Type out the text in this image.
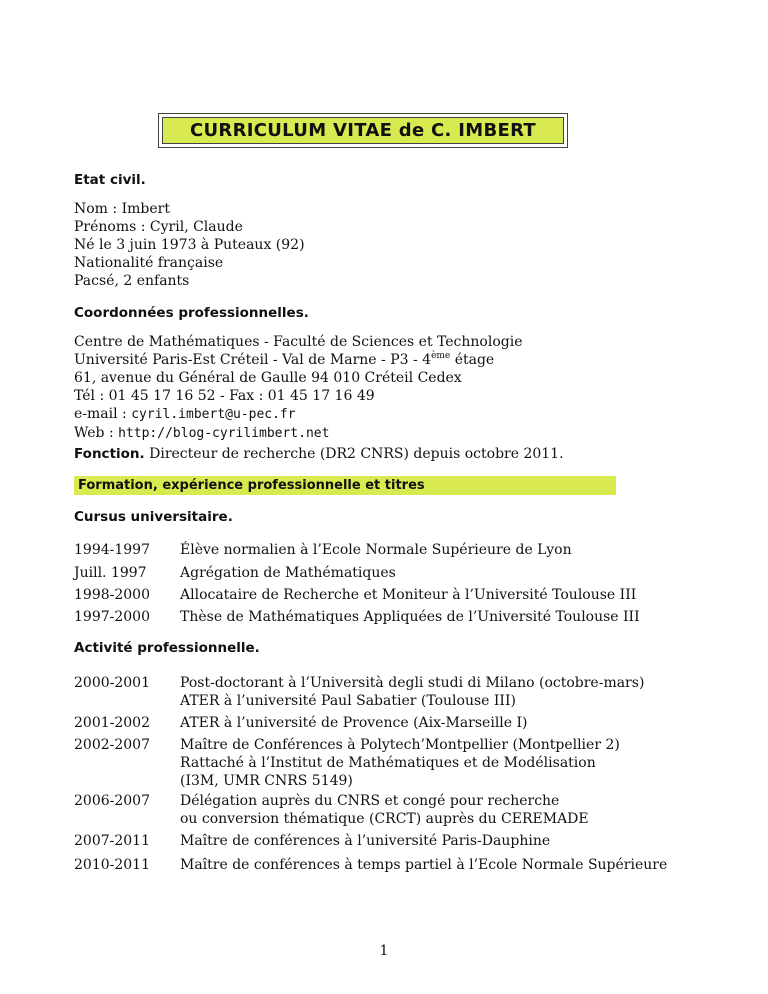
CURRICULUM VITAE de C. IMBERT
Etat civil.
Nom : Imbert
Prénoms : Cyril, Claude
Né le 3 juin 1973 à Puteaux (92)
Nationalité française
Pacsé, 2 enfants
Coordonnées professionnelles.
Centre de Mathématiques - Faculté de Sciences et Technologie
Université Paris-Est Créteil - Val de Marne - P3 - 4ème étage
61, avenue du Général de Gaulle 94 010 Créteil Cedex
Tél : 01 45 17 16 52 - Fax : 01 45 17 16 49
e-mail : cyril.imbert@u-pec.fr
Web : http://blog-cyrilimbert.net
Fonction. Directeur de recherche (DR2 CNRS) depuis octobre 2011.
Formation, expérience professionnelle et titres
Cursus universitaire.
1994-1997	Élève normalien à l’Ecole Normale Supérieure de Lyon
Juill. 1997	Agrégation de Mathématiques
1998-2000	Allocataire de Recherche et Moniteur à l’Université Toulouse III
1997-2000	Thèse de Mathématiques Appliquées de l’Université Toulouse III
Activité professionnelle.
2000-2001	Post-doctorant à l’Università degli studi di Milano (octobre-mars)
ATER à l’université Paul Sabatier (Toulouse III)
2001-2002	ATER à l’université de Provence (Aix-Marseille I)
2002-2007	Maître de Conférences à Polytech’Montpellier (Montpellier 2)
Rattaché à l’Institut de Mathématiques et de Modélisation
(I3M, UMR CNRS 5149)
2006-2007	Délégation auprès du CNRS et congé pour recherche
ou conversion thématique (CRCT) auprès du CEREMADE
2007-2011	Maître de conférences à l’université Paris-Dauphine
2010-2011	Maître de conférences à temps partiel à l’Ecole Normale Supérieure
1
